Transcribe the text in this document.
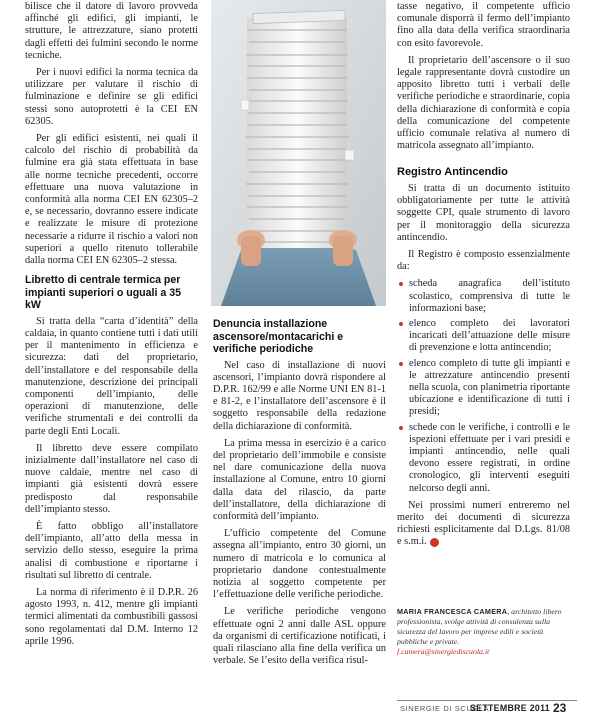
bilisce che il datore di lavoro provveda affinché gli edifici, gli impianti, le strutture, le attrezzature, siano protetti dagli effetti dei fulmini secondo le norme tecniche.

Per i nuovi edifici la norma tecnica da utilizzare per valutare il rischio di fulminazione e definire se gli edifici stessi sono autoprotetti è la CEI EN 62305.

Per gli edifici esistenti, nei quali il calcolo del rischio di probabilità da fulmine era già stata effettuata in base alle norme tecniche precedenti, occorre effettuare una nuova valutazione in conformità alla norma CEI EN 62305–2 e, se necessario, dovranno essere indicate e realizzate le misure di protezione necessarie a ridurre il rischio a valori non superiori a quello ritenuto tollerabile dalla norma CEI EN 62305–2 stessa.

Libretto di centrale termica per impianti superiori o uguali a 35 kW

Si tratta della “carta d’identità” della caldaia, in quanto contiene tutti i dati utili per il mantenimento in efficienza e sicurezza: dati del proprietario, dell’installatore e del responsabile della manutenzione, descrizione dei principali componenti dell’impianto, delle operazioni di manutenzione, delle verifiche strumentali e dei controlli da parte degli Enti Locali.

Il libretto deve essere compilato inizialmente dall’installatore nel caso di nuove caldaie, mentre nel caso di impianti già esistenti dovrà essere predisposto dal responsabile dell’impianto stesso.

È fatto obbligo all’installatore dell’impianto, all’atto della messa in servizio dello stesso, eseguire la prima analisi di combustione e riportarne i risultati sul libretto di centrale.

La norma di riferimento è il D.P.R. 26 agosto 1993, n. 412, mentre gli impianti termici alimentati da combustibili gassosi sono regolamentati dal D.M. Interno 12 aprile 1996.

Denuncia installazione ascensore/montacarichi e verifiche periodiche

Nel caso di installazione di nuovi ascensori, l’impianto dovrà rispondere al D.P.R. 162/99 e alle Norme UNI EN 81-1 e 81-2, e l’installatore dell’ascensore è il soggetto responsabile della redazione della dichiarazione di conformità.

La prima messa in esercizio è a carico del proprietario dell’immobile e consiste nel dare comunicazione della nuova installazione al Comune, entro 10 giorni dalla data del rilascio, da parte dell’installatore, della dichiarazione di conformità dell’impianto.

L’ufficio competente del Comune assegna all’impianto, entro 30 giorni, un numero di matricola e lo comunica al proprietario dandone contestualmente notizia al soggetto competente per l’effettuazione delle verifiche periodiche.

Le verifiche periodiche vengono effettuate ogni 2 anni dalle ASL oppure da organismi di certificazione notificati, i quali rilasciano alla fine della verifica un verbale. Se l’esito della verifica risul-

tasse negativo, il competente ufficio comunale disporrà il fermo dell’impianto fino alla data della verifica straordinaria con esito favorevole.

Il proprietario dell’ascensore o il suo legale rappresentante dovrà custodire un apposito libretto tutti i verbali delle verifiche periodiche e straordinarie, copia della dichiarazione di conformità e copia della comunicazione del competente ufficio comunale relativa al numero di matricola assegnato all’impianto.

Registro Antincendio

Si tratta di un documento istituito obbligatoriamente per tutte le attività soggette CPI, quale strumento di lavoro per il monitoraggio della sicurezza antincendio.

Il Registro è composto essenzialmente da:

scheda anagrafica dell’istituto scolastico, comprensiva di tutte le informazioni base;
elenco completo dei lavoratori incaricati dell’attuazione delle misure di prevenzione e lotta antincendio;
elenco completo di tutte gli impianti e le attrezzature antincendio presenti nella scuola, con planimetria riportante ubicazione e identificazione di tutti i presidi;
schede con le verifiche, i controlli e le ispezioni effettuate per i vari presidi e impianti antincendio, nelle quali devono essere registrati, in ordine cronologico, gli interventi eseguiti nelcorso degli anni.

Nei prossimi numeri entreremo nel merito dei documenti di sicurezza richiesti esplicitamente dal D.Lgs. 81/08 e s.m.i. S

MARIA FRANCESCA CAMERA, architetto libero professionista, svolge attività di consulenza sulla sicurezza del lavoro per imprese edili e società pubbliche e private.
f.camera@sinergiediscuola.it
SINERGIE DI SCUOLA
SETTEMBRE 2011 23
